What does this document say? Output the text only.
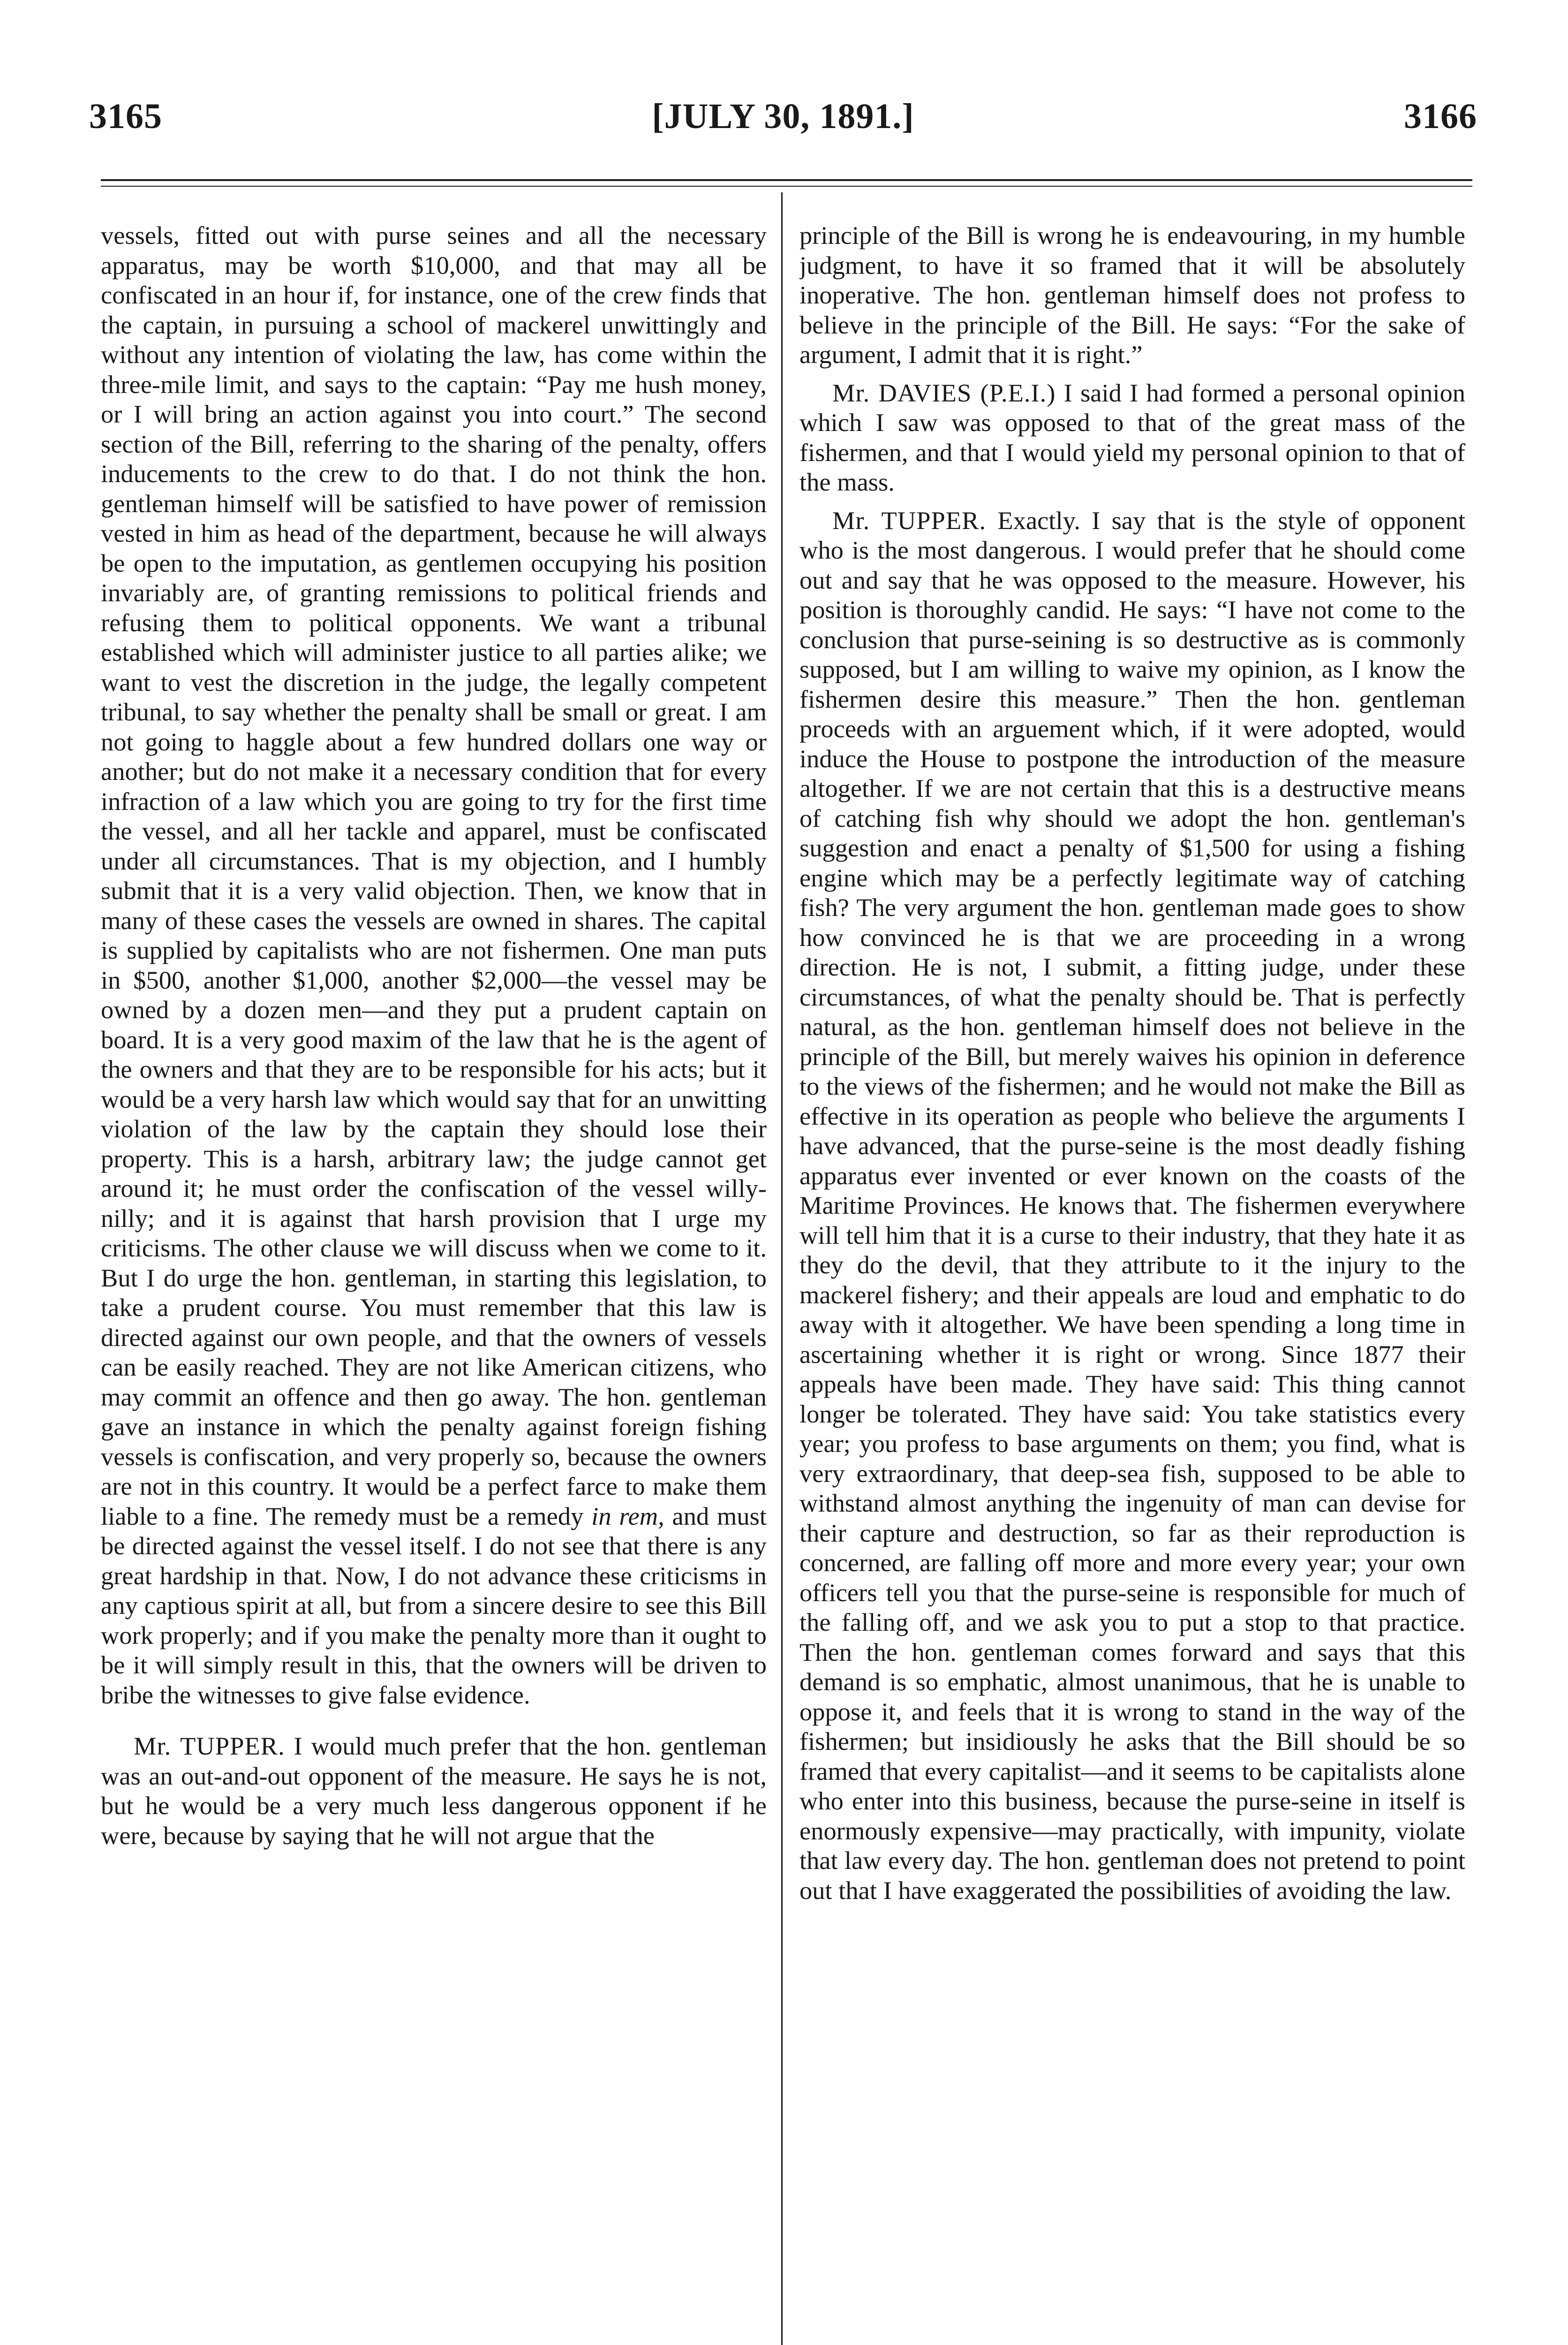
3165	[JULY 30, 1891.]	3166

vessels, fitted out with purse seines and all the necessary apparatus, may be worth $10,000, and that may all be confiscated in an hour if, for instance, one of the crew finds that the captain, in pursuing a school of mackerel unwittingly and without any intention of violating the law, has come within the three-mile limit, and says to the captain: “Pay me hush money, or I will bring an action against you into court.” The second section of the Bill, referring to the sharing of the penalty, offers inducements to the crew to do that. I do not think the hon. gentleman himself will be satisfied to have power of remission vested in him as head of the department, because he will always be open to the imputation, as gentlemen occupying his position invariably are, of granting remissions to political friends and refusing them to political opponents. We want a tribunal established which will administer justice to all parties alike; we want to vest the discretion in the judge, the legally competent tribunal, to say whether the penalty shall be small or great. I am not going to haggle about a few hundred dollars one way or another; but do not make it a necessary condition that for every infraction of a law which you are going to try for the first time the vessel, and all her tackle and apparel, must be confiscated under all circumstances. That is my objection, and I humbly submit that it is a very valid objection. Then, we know that in many of these cases the vessels are owned in shares. The capital is supplied by capitalists who are not fishermen. One man puts in $500, another $1,000, another $2,000—the vessel may be owned by a dozen men—and they put a prudent captain on board. It is a very good maxim of the law that he is the agent of the owners and that they are to be responsible for his acts; but it would be a very harsh law which would say that for an unwitting violation of the law by the captain they should lose their property. This is a harsh, arbitrary law; the judge cannot get around it; he must order the confiscation of the vessel willy-nilly; and it is against that harsh provision that I urge my criticisms. The other clause we will discuss when we come to it. But I do urge the hon. gentleman, in starting this legislation, to take a prudent course. You must remember that this law is directed against our own people, and that the owners of vessels can be easily reached. They are not like American citizens, who may commit an offence and then go away. The hon. gentleman gave an instance in which the penalty against foreign fishing vessels is confiscation, and very properly so, because the owners are not in this country. It would be a perfect farce to make them liable to a fine. The remedy must be a remedy in rem, and must be directed against the vessel itself. I do not see that there is any great hardship in that. Now, I do not advance these criticisms in any captious spirit at all, but from a sincere desire to see this Bill work properly; and if you make the penalty more than it ought to be it will simply result in this, that the owners will be driven to bribe the witnesses to give false evidence.

Mr. TUPPER. I would much prefer that the hon. gentleman was an out-and-out opponent of the measure. He says he is not, but he would be a very much less dangerous opponent if he were, because by saying that he will not argue that the

principle of the Bill is wrong he is endeavouring, in my humble judgment, to have it so framed that it will be absolutely inoperative. The hon. gentleman himself does not profess to believe in the principle of the Bill. He says: “For the sake of argument, I admit that it is right.”

Mr. DAVIES (P.E.I.) I said I had formed a personal opinion which I saw was opposed to that of the great mass of the fishermen, and that I would yield my personal opinion to that of the mass.

Mr. TUPPER. Exactly. I say that is the style of opponent who is the most dangerous. I would prefer that he should come out and say that he was opposed to the measure. However, his position is thoroughly candid. He says: “I have not come to the conclusion that purse-seining is so destructive as is commonly supposed, but I am willing to waive my opinion, as I know the fishermen desire this measure.” Then the hon. gentleman proceeds with an arguement which, if it were adopted, would induce the House to postpone the introduction of the measure altogether. If we are not certain that this is a destructive means of catching fish why should we adopt the hon. gentleman's suggestion and enact a penalty of $1,500 for using a fishing engine which may be a perfectly legitimate way of catching fish? The very argument the hon. gentleman made goes to show how convinced he is that we are proceeding in a wrong direction. He is not, I submit, a fitting judge, under these circumstances, of what the penalty should be. That is perfectly natural, as the hon. gentleman himself does not believe in the principle of the Bill, but merely waives his opinion in deference to the views of the fishermen; and he would not make the Bill as effective in its operation as people who believe the arguments I have advanced, that the purse-seine is the most deadly fishing apparatus ever invented or ever known on the coasts of the Maritime Provinces. He knows that. The fishermen everywhere will tell him that it is a curse to their industry, that they hate it as they do the devil, that they attribute to it the injury to the mackerel fishery; and their appeals are loud and emphatic to do away with it altogether. We have been spending a long time in ascertaining whether it is right or wrong. Since 1877 their appeals have been made. They have said: This thing cannot longer be tolerated. They have said: You take statistics every year; you profess to base arguments on them; you find, what is very extraordinary, that deep-sea fish, supposed to be able to withstand almost anything the ingenuity of man can devise for their capture and destruction, so far as their reproduction is concerned, are falling off more and more every year; your own officers tell you that the purse-seine is responsible for much of the falling off, and we ask you to put a stop to that practice. Then the hon. gentleman comes forward and says that this demand is so emphatic, almost unanimous, that he is unable to oppose it, and feels that it is wrong to stand in the way of the fishermen; but insidiously he asks that the Bill should be so framed that every capitalist—and it seems to be capitalists alone who enter into this business, because the purse-seine in itself is enormously expensive—may practically, with impunity, violate that law every day. The hon. gentleman does not pretend to point out that I have exaggerated the possibilities of avoiding the law.
